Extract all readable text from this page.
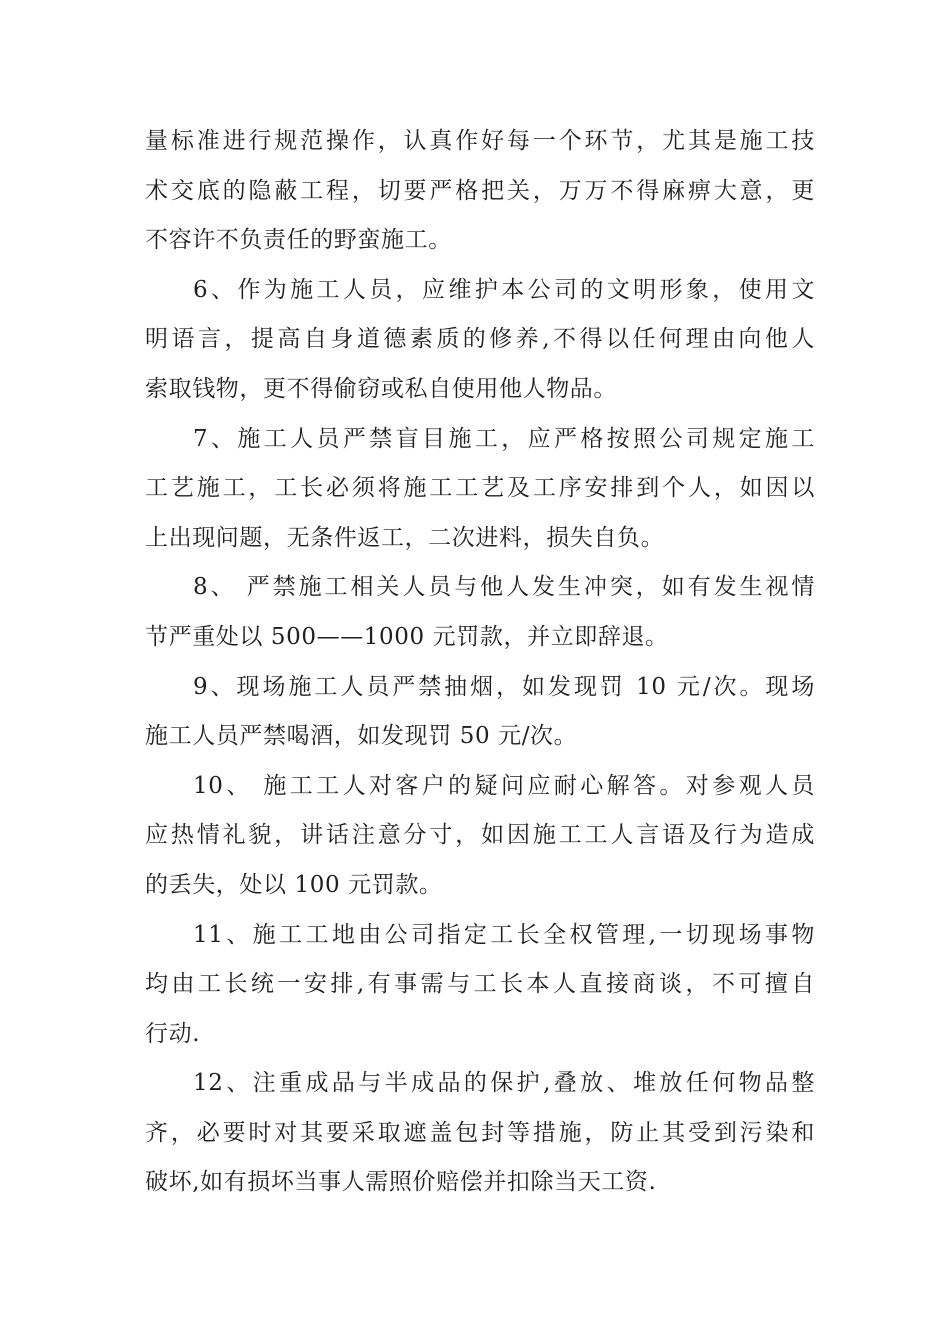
量标准进行规范操作，认真作好每一个环节，尤其是施工技
术交底的隐蔽工程，切要严格把关，万万不得麻痹大意，更
不容许不负责任的野蛮施工。

6、作为施工人员，应维护本公司的文明形象，使用文
明语言，提高自身道德素质的修养,不得以任何理由向他人
索取钱物，更不得偷窃或私自使用他人物品。

7、施工人员严禁盲目施工，应严格按照公司规定施工
工艺施工，工长必须将施工工艺及工序安排到个人，如因以
上出现问题，无条件返工，二次进料，损失自负。

8、 严禁施工相关人员与他人发生冲突，如有发生视情
节严重处以 500——1000 元罚款，并立即辞退。

9、现场施工人员严禁抽烟，如发现罚 10 元/次。现场
施工人员严禁喝酒，如发现罚 50 元/次。

10、 施工工人对客户的疑问应耐心解答。对参观人员
应热情礼貌，讲话注意分寸，如因施工工人言语及行为造成
的丢失，处以 100 元罚款。

11、施工工地由公司指定工长全权管理,一切现场事物
均由工长统一安排,有事需与工长本人直接商谈，不可擅自
行动.

12、注重成品与半成品的保护,叠放、堆放任何物品整
齐，必要时对其要采取遮盖包封等措施，防止其受到污染和
破坏,如有损坏当事人需照价赔偿并扣除当天工资.
